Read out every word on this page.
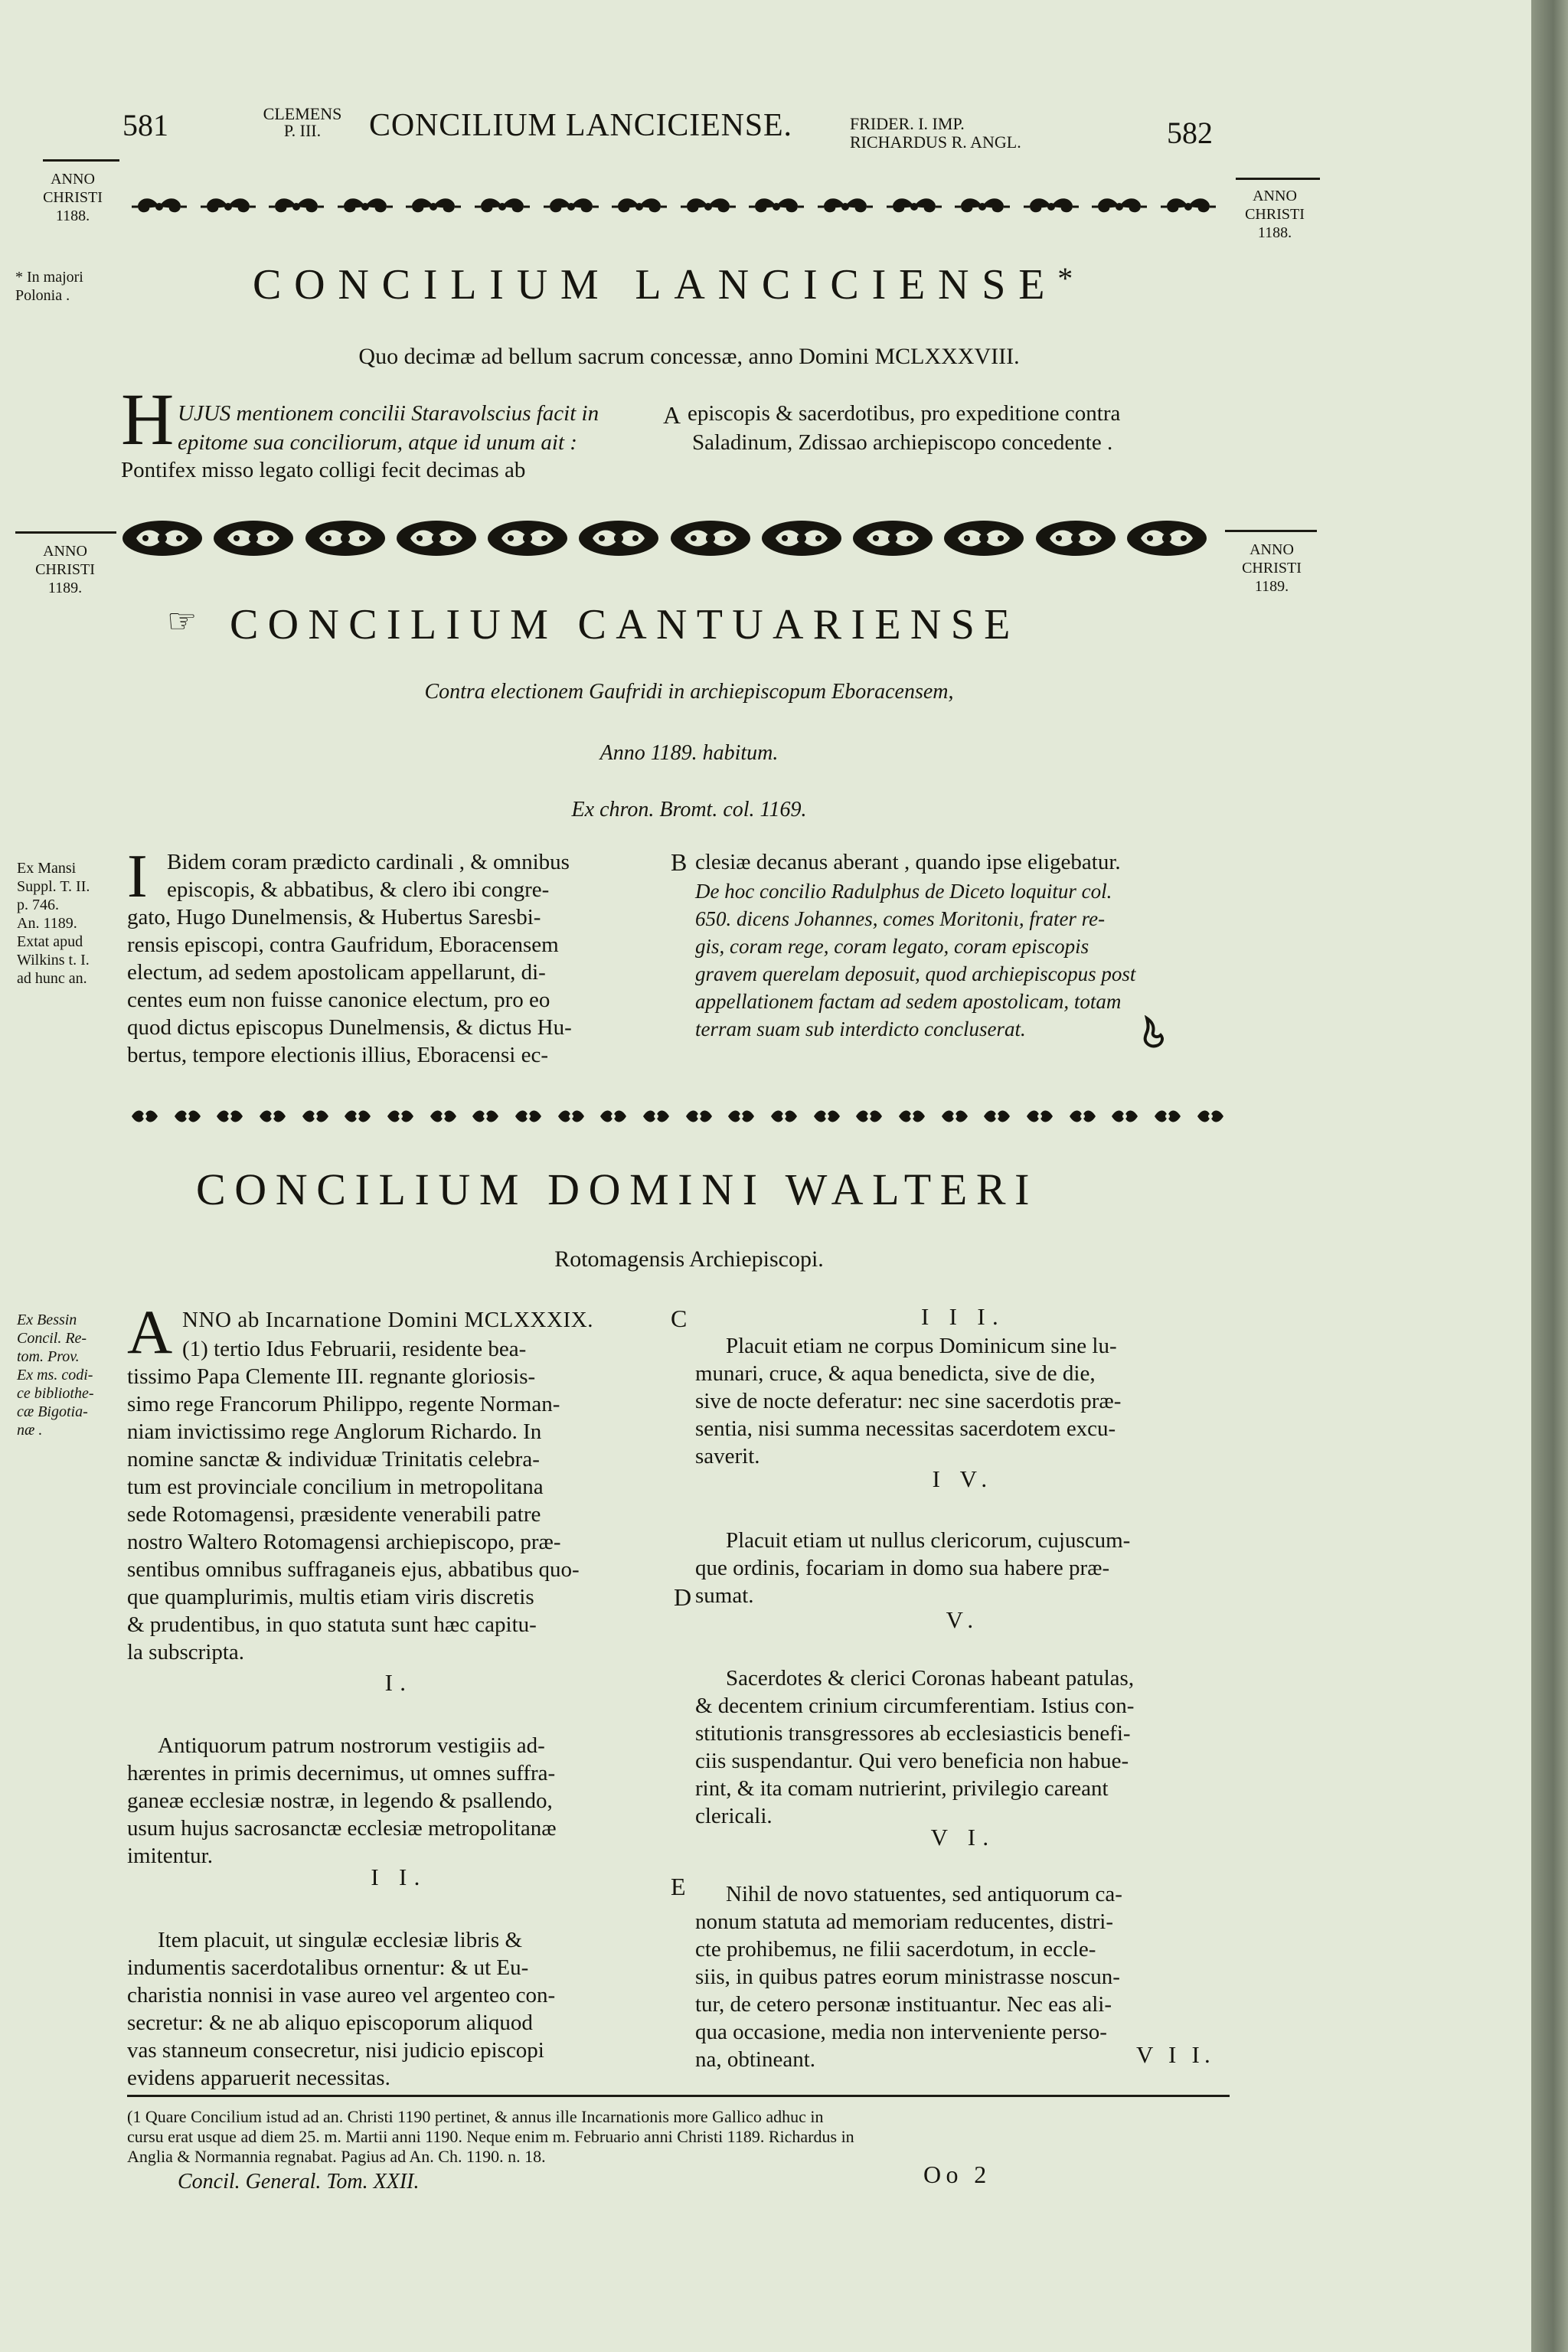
581	CLEMENS
P. III.	CONCILIUM LANCICIENSE.	FRIDER. I. IMP.
RICHARDUS R. ANGL.	582
ANNO
CHRISTI
1188.
ANNO
CHRISTI
1188.
* In majori
Polonia .	CONCILIUM LANCICIENSE*
Quo decimæ ad bellum sacrum concessæ, anno Domini MCLXXXVIII.
H UJUS mentionem concilii Staravolscius facit in
epitome sua conciliorum, atque id unum ait :
Pontifex misso legato colligi fecit decimas ab
A episcopis & sacerdotibus, pro expeditione contra
Saladinum, Zdissao archiepiscopo concedente .
ANNO
CHRISTI
1189.
ANNO
CHRISTI
1189.
☞ CONCILIUM CANTUARIENSE
Contra electionem Gaufridi in archiepiscopum Eboracensem,
Anno 1189. habitum.
Ex chron. Bromt. col. 1169.
Ex Mansi
Suppl. T. II.
p. 746.
An. 1189.
Extat apud
Wilkins t. I.
ad hunc an.
I Bidem coram prædicto cardinali , & omnibus
episcopis, & abbatibus, & clero ibi congre-
gato, Hugo Dunelmensis, & Hubertus Saresbi-
rensis episcopi, contra Gaufridum, Eboracensem
electum, ad sedem apostolicam appellarunt, di-
centes eum non fuisse canonice electum, pro eo
quod dictus episcopus Dunelmensis, & dictus Hu-
bertus, tempore electionis illius, Eboracensi ec-
B clesiæ decanus aberant , quando ipse eligebatur.
De hoc concilio Radulphus de Diceto loquitur col.
650. dicens Johannes, comes Moritoniι, frater re-
gis, coram rege, coram legato, coram episcopis
gravem querelam deposuit, quod archiepiscopus post
appellationem factam ad sedem apostolicam, totam
terram suam sub interdicto concluserat.
CONCILIUM DOMINI WALTERI
Rotomagensis Archiepiscopi.
Ex Bessin
Concil. Re-
tom. Prov.
Ex ms. codi-
ce bibliothe-
cæ Bigotia-
næ .
A NNO ab Incarnatione Domini MCLXXXIX.
(1) tertio Idus Februarii, residente bea-
tissimo Papa Clemente III. regnante gloriosis-
simo rege Francorum Philippo, regente Norman-
niam invictissimo rege Anglorum Richardo. In
nomine sanctæ & individuæ Trinitatis celebra-
tum est provinciale concilium in metropolitana
sede Rotomagensi, præsidente venerabili patre
nostro Waltero Rotomagensi archiepiscopo, præ-
sentibus omnibus suffraganeis ejus, abbatibus quo-
que quamplurimis, multis etiam viris discretis
& prudentibus, in quo statuta sunt hæc capitu-
la subscripta.
I.
Antiquorum patrum nostrorum vestigiis ad-
hærentes in primis decernimus, ut omnes suffra-
ganeæ ecclesiæ nostræ, in legendo & psallendo,
usum hujus sacrosanctæ ecclesiæ metropolitanæ
imitentur.
I I.
Item placuit, ut singulæ ecclesiæ libris &
indumentis sacerdotalibus ornentur: & ut Eu-
charistia nonnisi in vase aureo vel argenteo con-
secretur: & ne ab aliquo episcoporum aliquod
vas stanneum consecretur, nisi judicio episcopi
evidens apparuerit necessitas.
C
D
E
I I I.
Placuit etiam ne corpus Dominicum sine lu-
munari, cruce, & aqua benedicta, sive de die,
sive de nocte deferatur: nec sine sacerdotis præ-
sentia, nisi summa necessitas sacerdotem excu-
saverit.
I V.
Placuit etiam ut nullus clericorum, cujuscum-
que ordinis, focariam in domo sua habere præ-
sumat.
V.
Sacerdotes & clerici Coronas habeant patulas,
& decentem crinium circumferentiam. Istius con-
stitutionis transgressores ab ecclesiasticis benefi-
ciis suspendantur. Qui vero beneficia non habue-
rint, & ita comam nutrierint, privilegio careant
clericali.
V I.
Nihil de novo statuentes, sed antiquorum ca-
nonum statuta ad memoriam reducentes, distri-
cte prohibemus, ne filii sacerdotum, in eccle-
siis, in quibus patres eorum ministrasse noscun-
tur, de cetero personæ instituantur. Nec eas ali-
qua occasione, media non interveniente perso-
na, obtineant.	V I I.
(1 Quare Concilium istud ad an. Christi 1190 pertinet, & annus ille Incarnationis more Gallico adhuc in
cursu erat usque ad diem 25. m. Martii anni 1190. Neque enim m. Februario anni Christi 1189. Richardus in
Anglia & Normannia regnabat. Pagius ad An. Ch. 1190. n. 18.
Concil. General. Tom. XXII.	Oo 2
